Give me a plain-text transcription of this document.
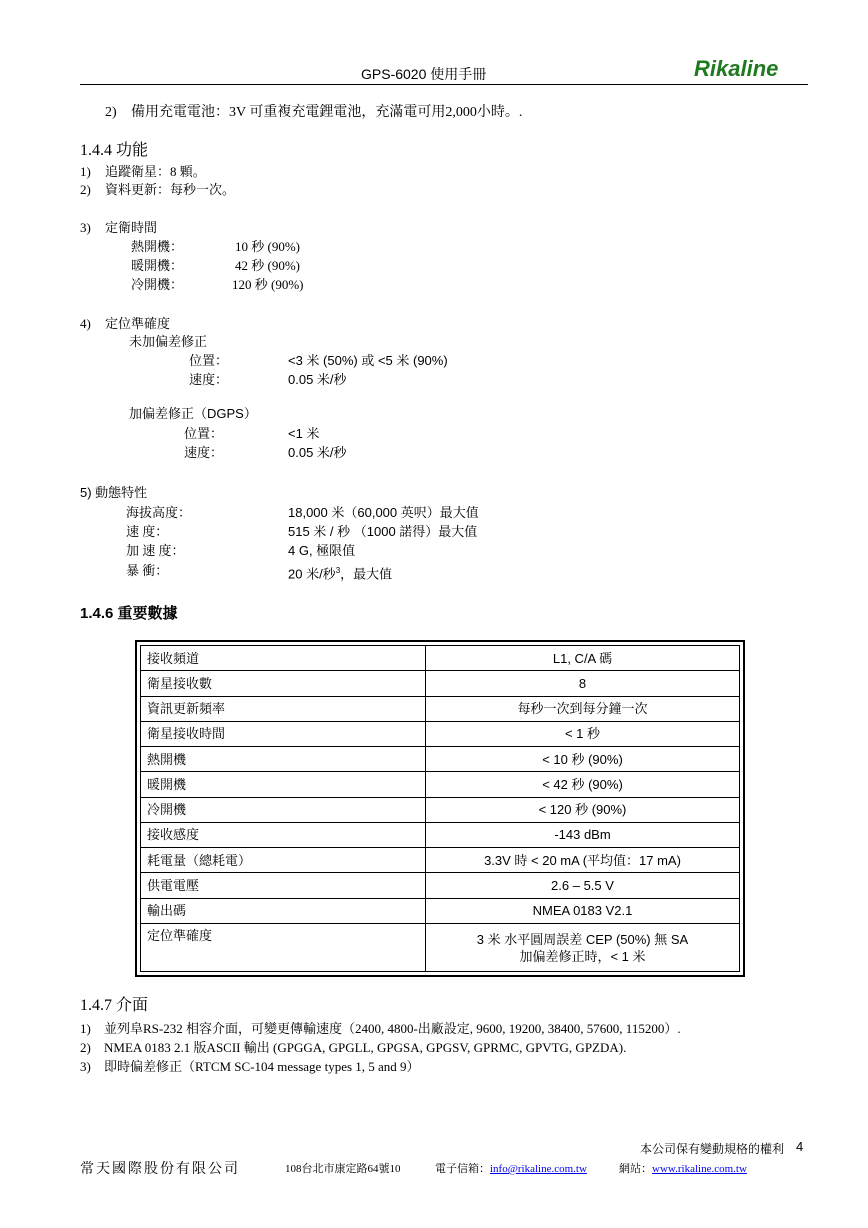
GPS-6020 使用手冊	Rikaline
2) 備用充電電池：3V 可重複充電鋰電池，充滿電可用2,000小時。.
1.4.4 功能
1) 追蹤衛星：8 顆。
2) 資料更新：每秒一次。
3) 定衛時間
熱開機：	10 秒 (90%)
暖開機：	42 秒 (90%)
冷開機：	120 秒 (90%)
4) 定位準確度
未加偏差修正
位置：	<3 米 (50%) 或 <5 米 (90%)
速度：	0.05 米/秒
加偏差修正（DGPS）
位置：	<1 米
速度：	0.05 米/秒
5) 動態特性
海拔高度：	18,000 米（60,000 英呎）最大值
速 度：	515 米 / 秒 （1000 諾得）最大值
加 速 度：	4 G, 極限值
暴 衝：	20 米/秒$^3$，最大值
1.4.6 重要數據
接收頻道	L1, C/A 碼
衛星接收數	8
資訊更新頻率	每秒一次到每分鐘一次
衛星接收時間	< 1 秒
熱開機	< 10 秒 (90%)
暖開機	< 42 秒 (90%)
冷開機	< 120 秒 (90%)
接收感度	-143 dBm
耗電量（總耗電）	3.3V 時 < 20 mA (平均值：17 mA)
供電電壓	2.6 – 5.5 V
輸出碼	NMEA 0183 V2.1
定位準確度	3 米 水平圓周誤差 CEP (50%) 無 SA
加偏差修正時，< 1 米
1.4.7 介面
1) 並列阜RS-232 相容介面，可變更傳輸速度（2400, 4800-出廠設定, 9600, 19200, 38400, 57600, 115200）.
2) NMEA 0183 2.1 版ASCII 輸出 (GPGGA, GPGLL, GPGSA, GPGSV, GPRMC, GPVTG, GPZDA).
3) 即時偏差修正（RTCM SC-104 message types 1, 5 and 9）
本公司保有變動規格的權利 4
常天國際股份有限公司	108台北市康定路64號10	電子信箱：info@rikaline.com.tw	網站：www.rikaline.com.tw
